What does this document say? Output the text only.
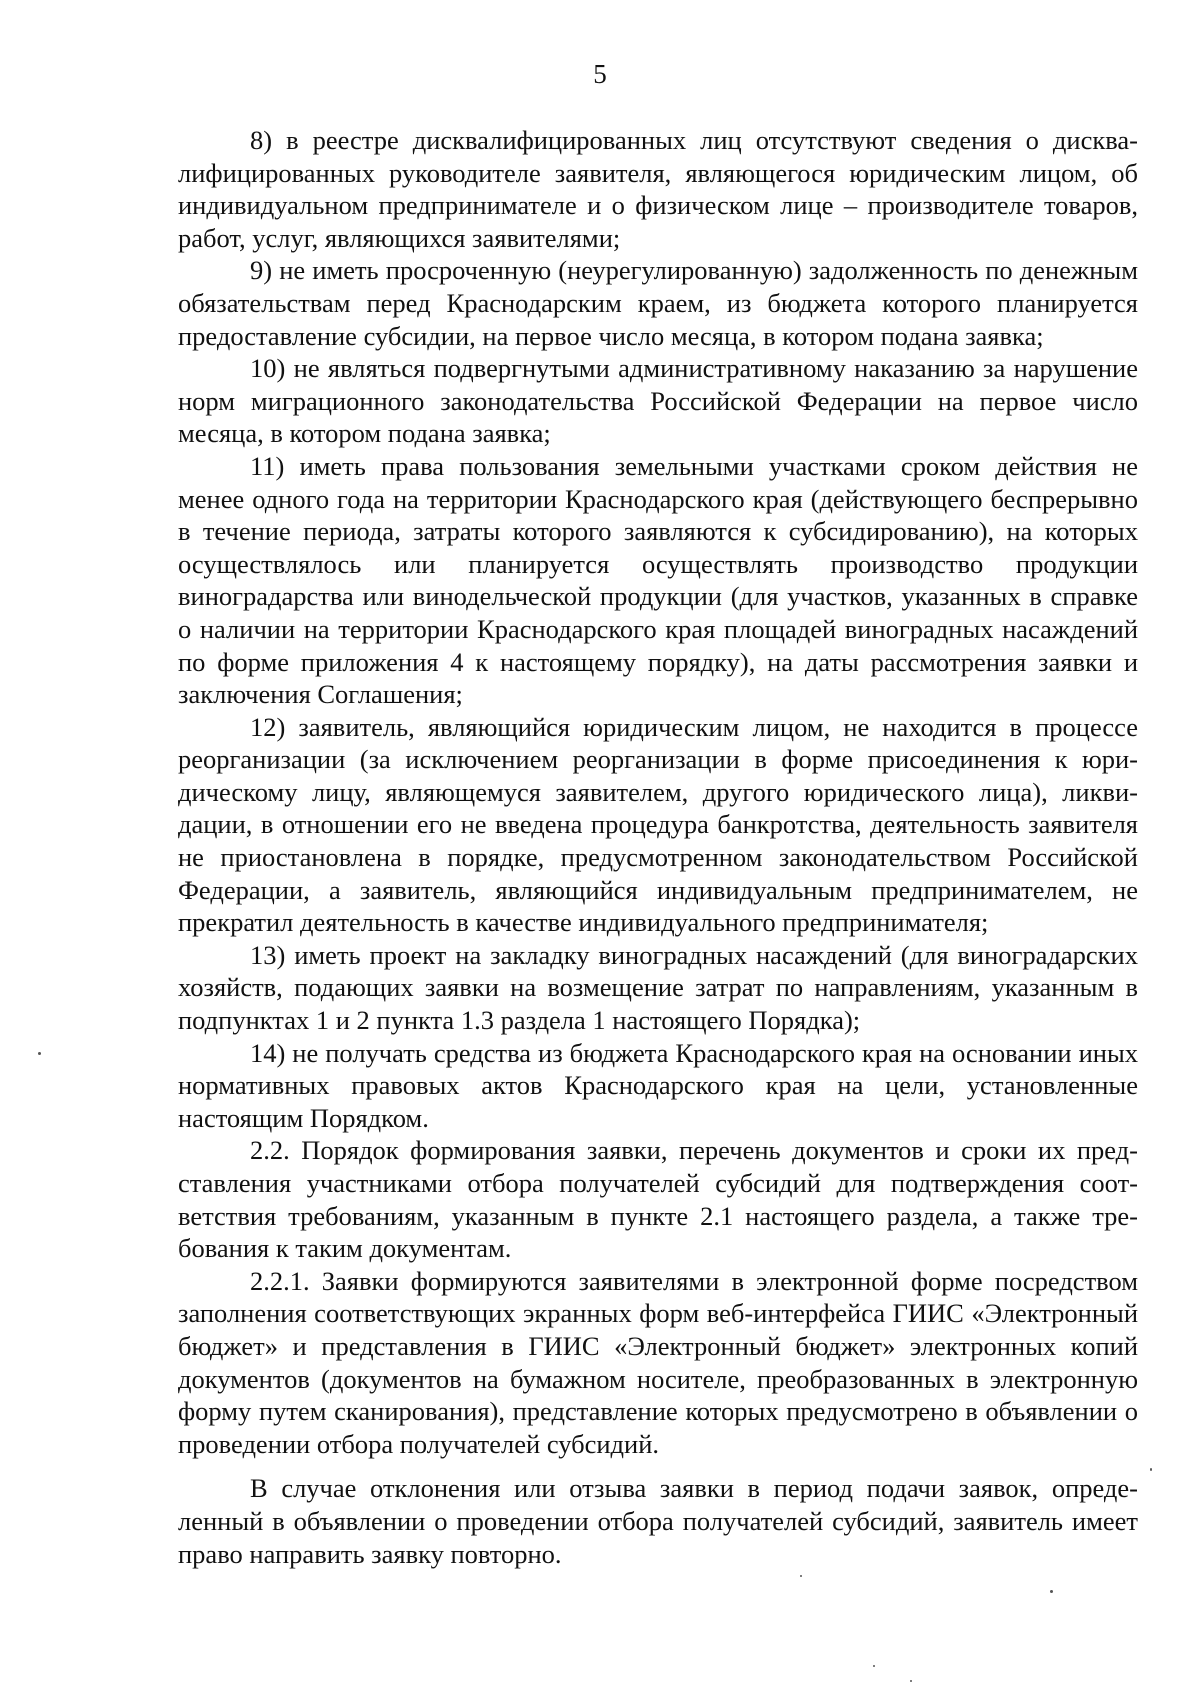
5

8) в реестре дисквалифицированных лиц отсутствуют сведения о дисквалифицированных руководителе заявителя, являющегося юридическим лицом, об индивидуальном предпринимателе и о физическом лице – производителе товаров, работ, услуг, являющихся заявителями;

9) не иметь просроченную (неурегулированную) задолженность по денежным обязательствам перед Краснодарским краем, из бюджета которого планируется предоставление субсидии, на первое число месяца, в котором подана заявка;

10) не являться подвергнутыми административному наказанию за нарушение норм миграционного законодательства Российской Федерации на первое число месяца, в котором подана заявка;

11) иметь права пользования земельными участками сроком действия не менее одного года на территории Краснодарского края (действующего беспрерывно в течение периода, затраты которого заявляются к субсидированию), на которых осуществлялось или планируется осуществлять производство продукции виноградарства или винодельческой продукции (для участков, указанных в справке о наличии на территории Краснодарского края площадей виноградных насаждений по форме приложения 4 к настоящему порядку), на даты рассмотрения заявки и заключения Соглашения;

12) заявитель, являющийся юридическим лицом, не находится в процессе реорганизации (за исключением реорганизации в форме присоединения к юридическому лицу, являющемуся заявителем, другого юридического лица), ликвидации, в отношении его не введена процедура банкротства, деятельность заявителя не приостановлена в порядке, предусмотренном законодательством Российской Федерации, а заявитель, являющийся индивидуальным предпринимателем, не прекратил деятельность в качестве индивидуального предпринимателя;

13) иметь проект на закладку виноградных насаждений (для виноградарских хозяйств, подающих заявки на возмещение затрат по направлениям, указанным в подпунктах 1 и 2 пункта 1.3 раздела 1 настоящего Порядка);

14) не получать средства из бюджета Краснодарского края на основании иных нормативных правовых актов Краснодарского края на цели, установленные настоящим Порядком.

2.2. Порядок формирования заявки, перечень документов и сроки их представления участниками отбора получателей субсидий для подтверждения соответствия требованиям, указанным в пункте 2.1 настоящего раздела, а также требования к таким документам.

2.2.1. Заявки формируются заявителями в электронной форме посредством заполнения соответствующих экранных форм веб-интерфейса ГИИС «Электронный бюджет» и представления в ГИИС «Электронный бюджет» электронных копий документов (документов на бумажном носителе, преобразованных в электронную форму путем сканирования), представление которых предусмотрено в объявлении о проведении отбора получателей субсидий.

В случае отклонения или отзыва заявки в период подачи заявок, определенный в объявлении о проведении отбора получателей субсидий, заявитель имеет право направить заявку повторно.
